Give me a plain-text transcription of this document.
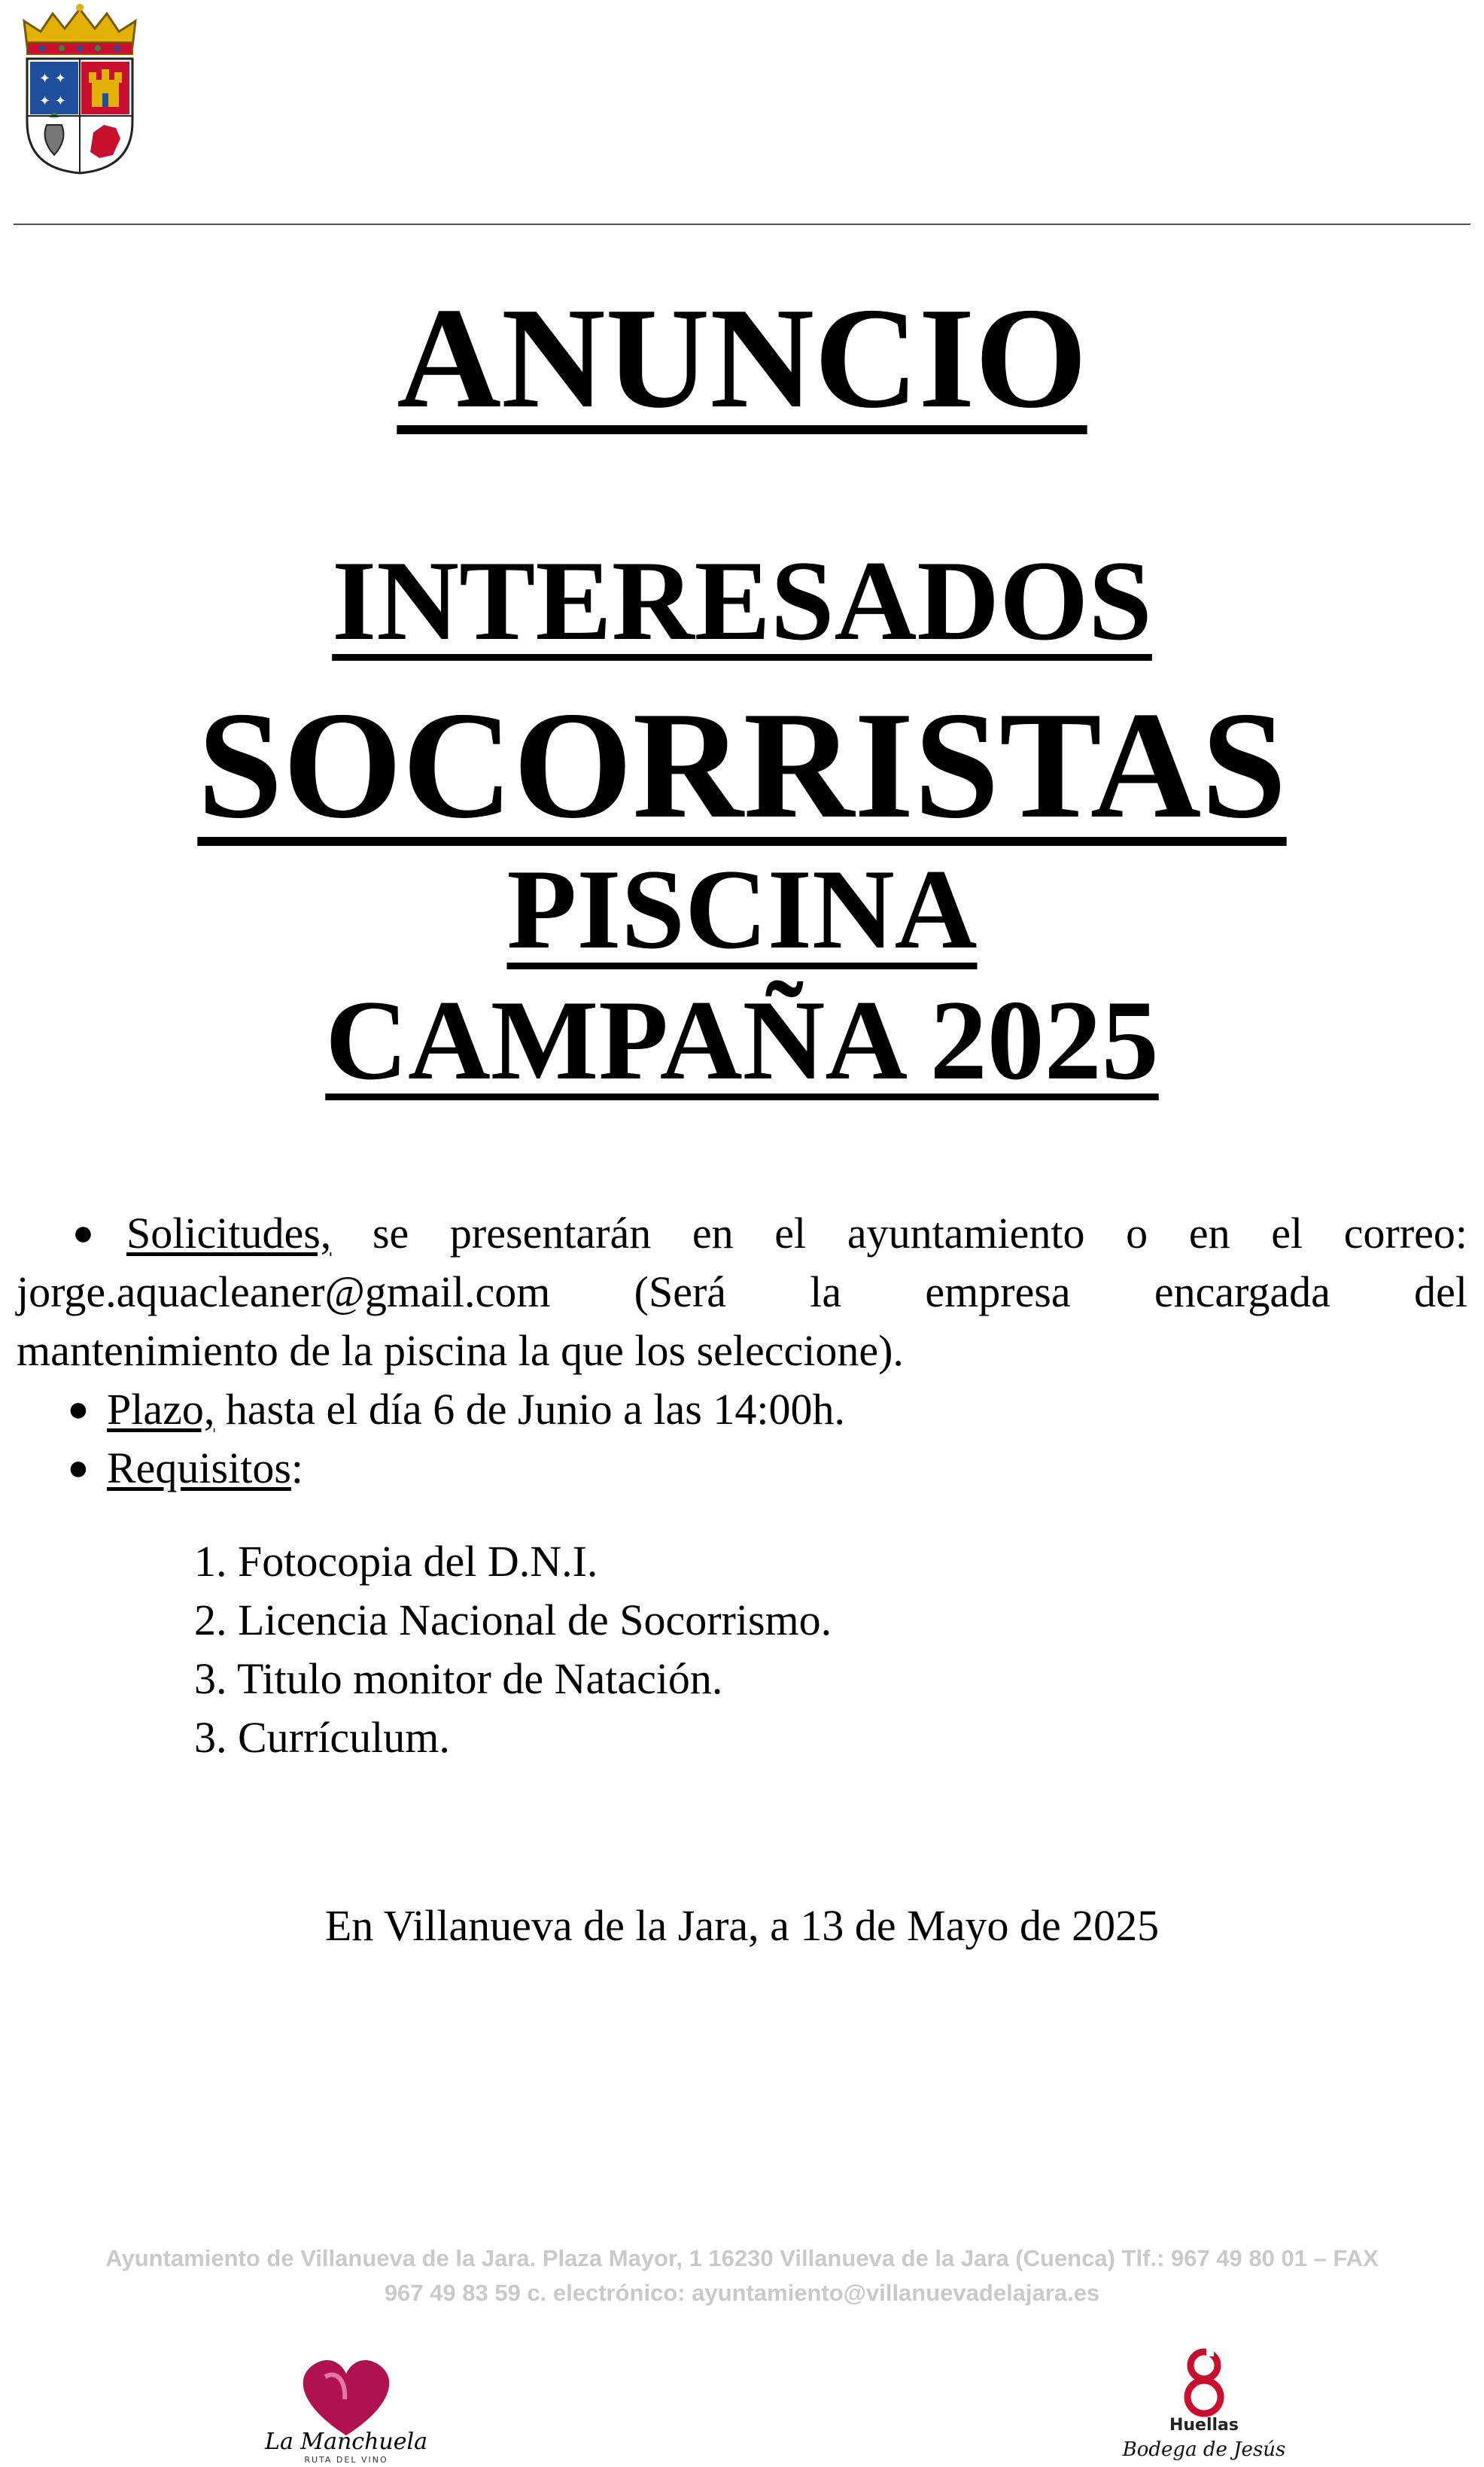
✦ ✦
✦ ✦
ANUNCIO
INTERESADOS
SOCORRISTAS
PISCINA
CAMPAÑA 2025
● Solicitudes, se presentarán en el ayuntamiento o en el correo:
jorge.aquacleaner@gmail.com (Será la empresa encargada del
mantenimiento de la piscina la que los seleccione).
● Plazo, hasta el día 6 de Junio a las 14:00h.
● Requisitos:
1. Fotocopia del D.N.I.
2. Licencia Nacional de Socorrismo.
3. Titulo monitor de Natación.
3. Currículum.
En Villanueva de la Jara, a 13 de Mayo de 2025
Ayuntamiento de Villanueva de la Jara. Plaza Mayor, 1 16230 Villanueva de la Jara (Cuenca) Tlf.: 967 49 80 01 – FAX
967 49 83 59 c. electrónico: ayuntamiento@villanuevadelajara.es
La Manchuela
RUTA DEL VINO
Huellas
Bodega de Jesús
